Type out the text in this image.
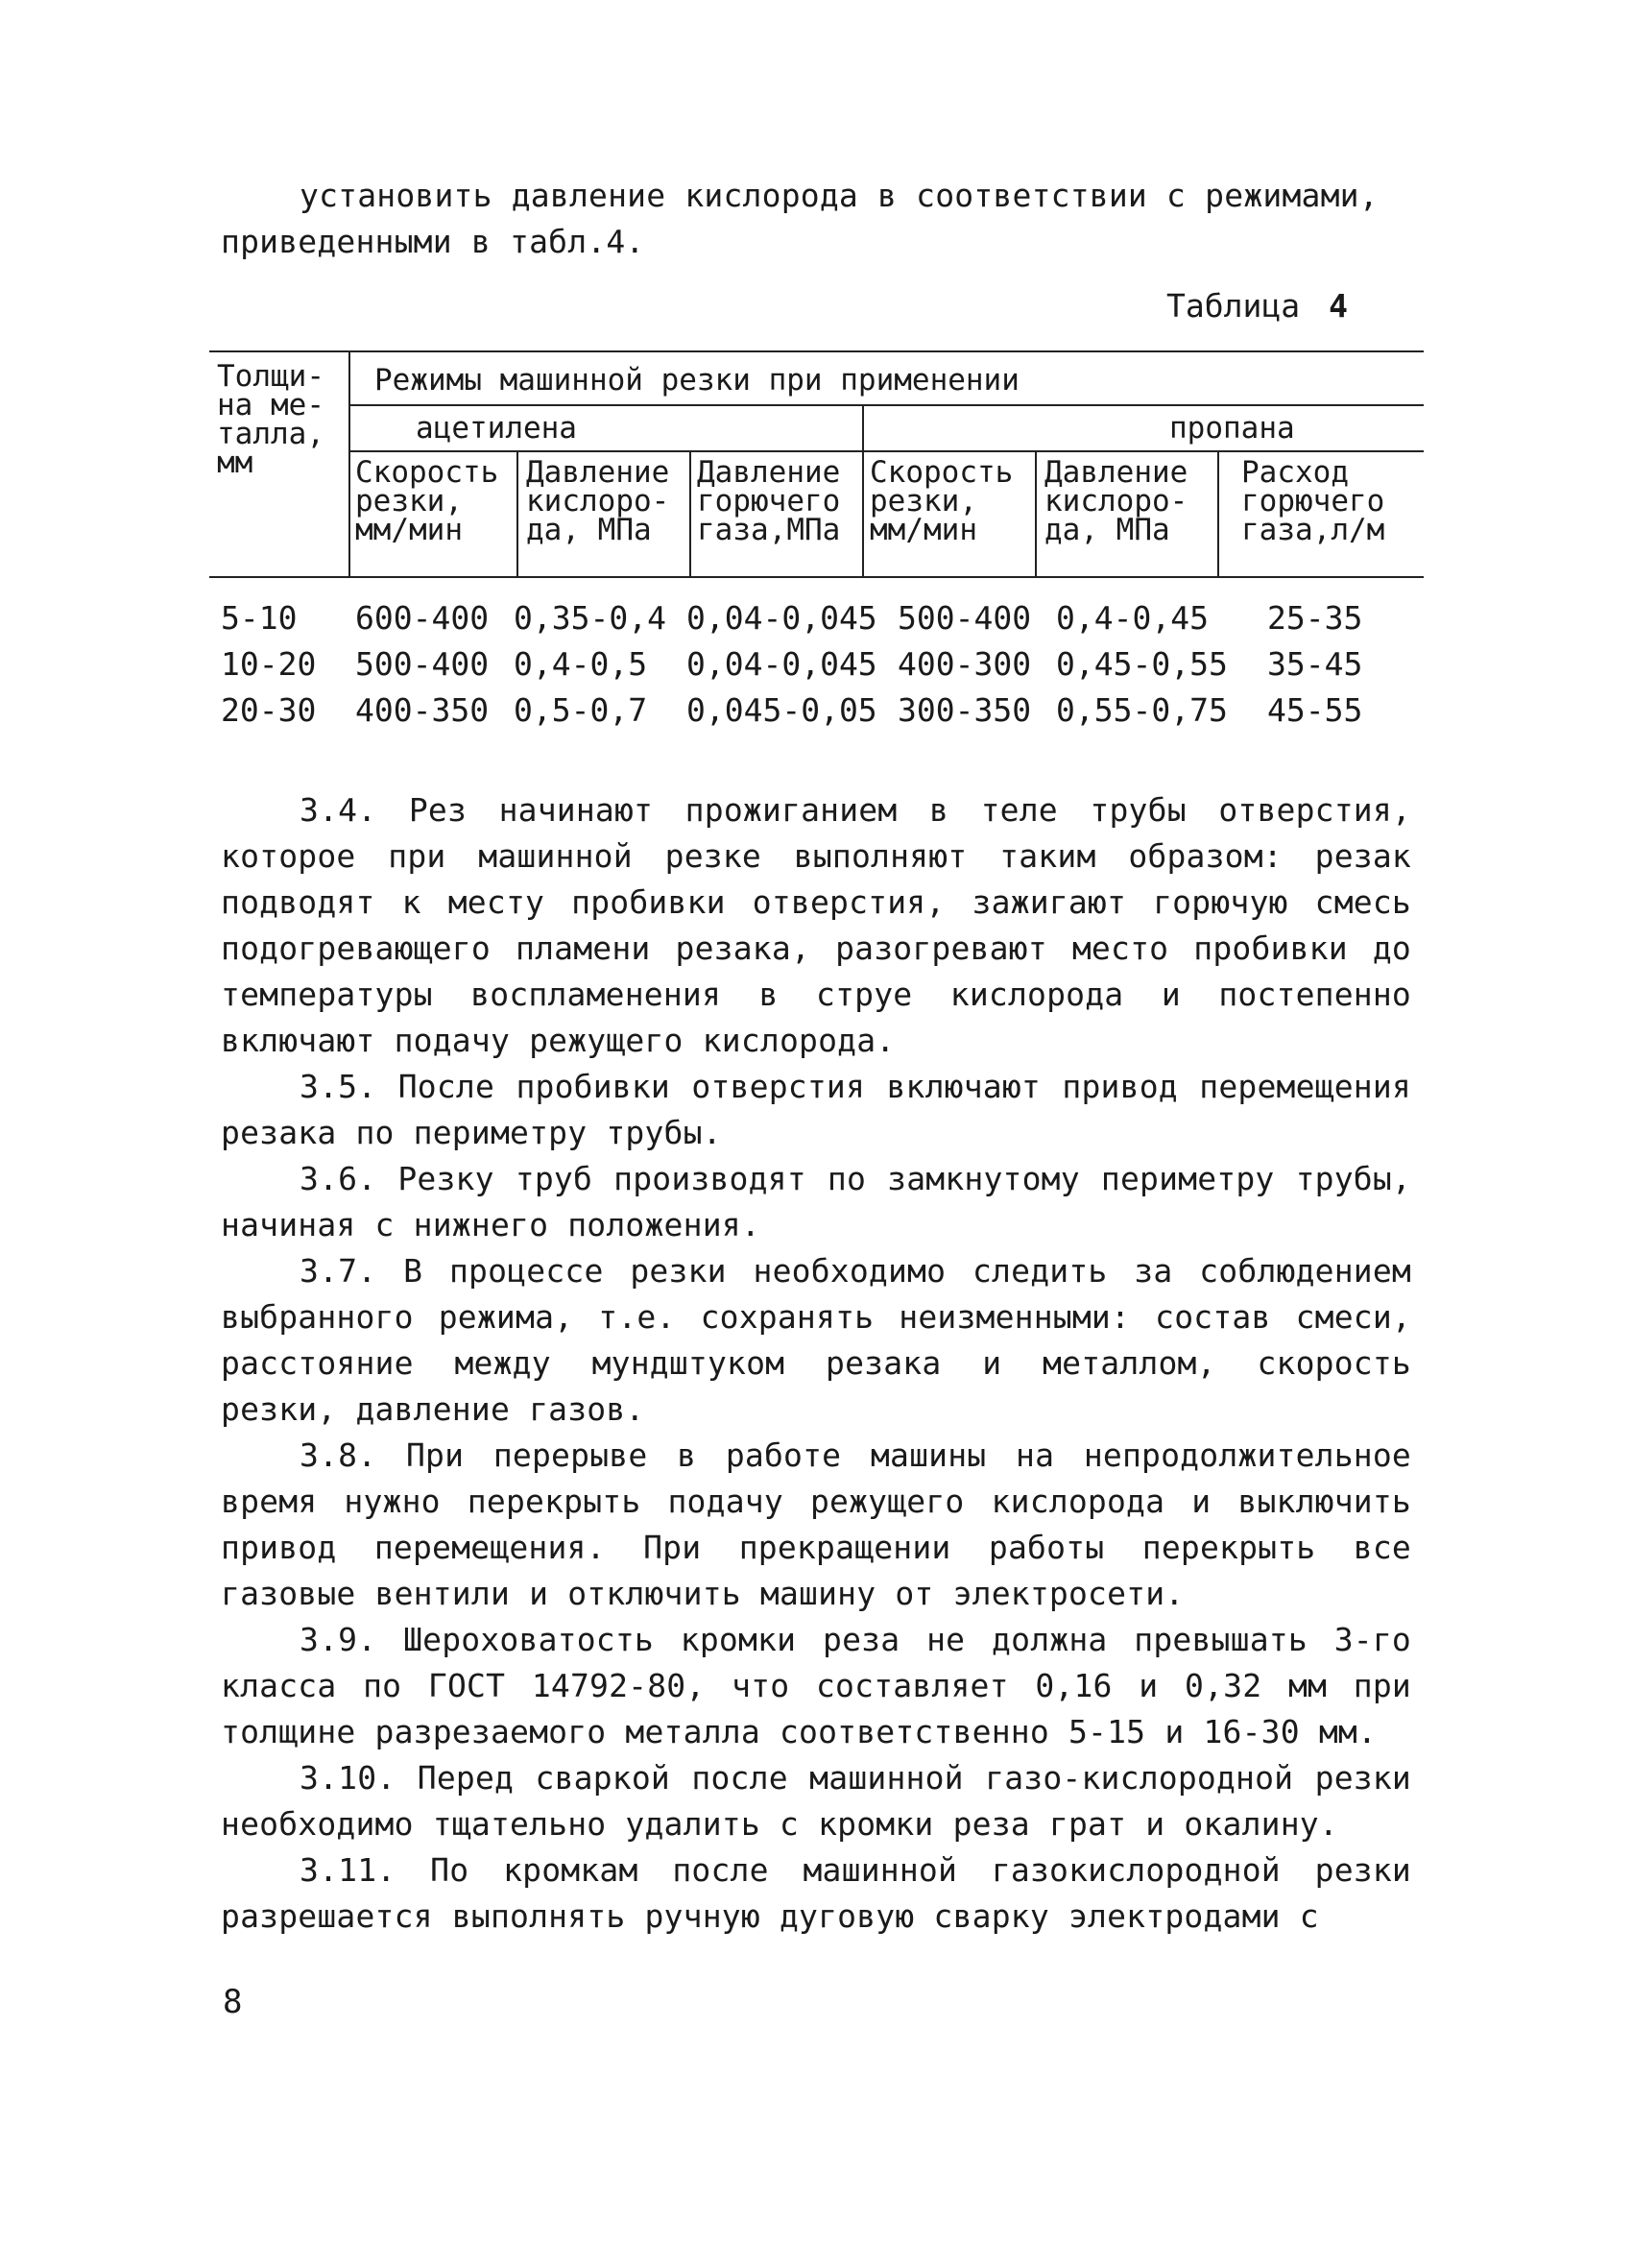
установить давление кислорода в соответствии с режимами,
приведенными в табл.4.
Таблица 4
Толщи-
на ме-
талла,
мм
Режимы машинной резки при применении
ацетилена	пропана
Скорость
резки,
мм/мин
Давление
кислоро-
да, МПа
Давление
горючего
газа,МПа
Скорость
резки,
мм/мин
Давление
кислоро-
да, МПа
Расход
горючего
газа,л/м
5-10 600-400 0,35-0,4 0,04-0,045 500-400 0,4-0,45 25-35
10-20 500-400 0,4-0,5 0,04-0,045 400-300 0,45-0,55 35-45
20-30 400-350 0,5-0,7 0,045-0,05 300-350 0,55-0,75 45-55
3.4. Рез начинают прожиганием в теле трубы отверстия, которое при машинной резке выполняют таким образом: резак подводят к месту пробивки отверстия, зажигают горючую смесь подогревающего пламени резака, разогревают место пробивки до температуры воспламенения в струе кислорода и постепенно включают подачу режущего кислорода.
3.5. После пробивки отверстия включают привод перемещения резака по периметру трубы.
3.6. Резку труб производят по замкнутому периметру трубы, начиная с нижнего положения.
3.7. В процессе резки необходимо следить за соблюдением выбранного режима, т.е. сохранять неизменными: состав смеси, расстояние между мундштуком резака и металлом, скорость резки, давление газов.
3.8. При перерыве в работе машины на непродолжительное время нужно перекрыть подачу режущего кислорода и выключить привод перемещения. При прекращении работы перекрыть все газовые вентили и отключить машину от электросети.
3.9. Шероховатость кромки реза не должна превышать 3-го класса по ГОСТ 14792-80, что составляет 0,16 и 0,32 мм при толщине разрезаемого металла соответственно 5-15 и 16-30 мм.
3.10. Перед сваркой после машинной газо-кислородной резки необходимо тщательно удалить с кромки реза грат и окалину.
3.11. По кромкам после машинной газокислородной резки разрешается выполнять ручную дуговую сварку электродами с
8
